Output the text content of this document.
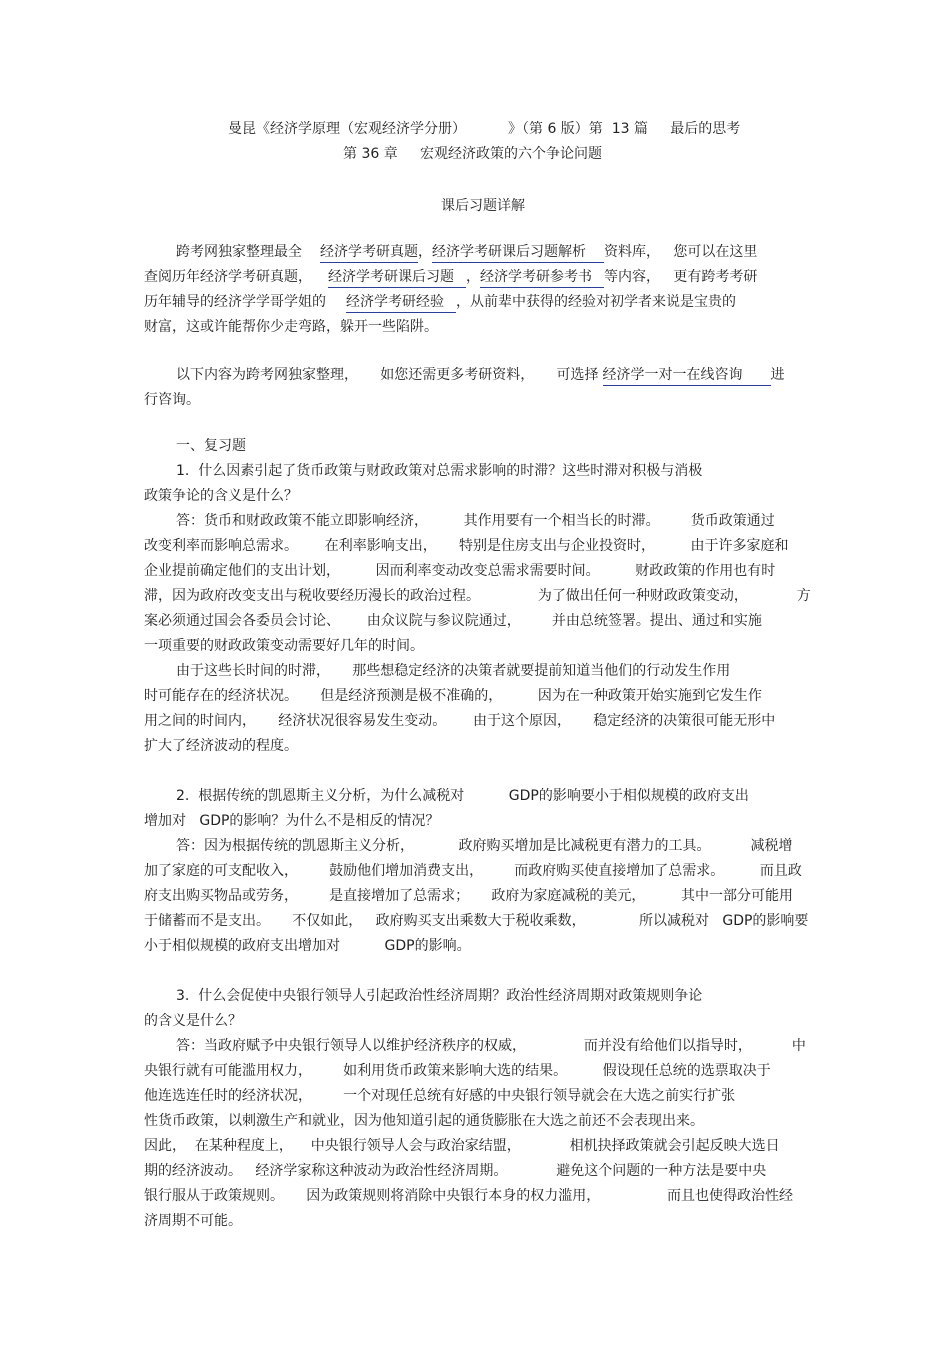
曼昆《经济学原理（宏观经济学分册）	》（第 6 版）第  13 篇     最后的思考
第 36 章     宏观经济政策的六个争论问题
课后习题详解
跨考网独家整理最全 经济学考研真题，经济学考研课后习题解析 资料库，   您可以在这里
查阅历年经济学考研真题， 经济学考研课后习题 ，经济学考研参考书 等内容，   更有跨考考研
历年辅导的经济学学哥学姐的 经济学考研经验 ，从前辈中获得的经验对初学者来说是宝贵的
财富，这或许能帮你少走弯路，躲开一些陷阱。
以下内容为跨考网独家整理，     如您还需更多考研资料，     可选择 经济学一对一在线咨询 进
行咨询。
一、复习题
1.  什么因素引起了货币政策与财政政策对总需求影响的时滞？这些时滞对积极与消极
政策争论的含义是什么？
答：货币和财政政策不能立即影响经济，        其作用要有一个相当长的时滞。       货币政策通过
改变利率而影响总需求。      在利率影响支出，     特别是住房支出与企业投资时，        由于许多家庭和
企业提前确定他们的支出计划，        因而利率变动改变总需求需要时间。        财政政策的作用也有时
滞，因为政府改变支出与税收要经历漫长的政治过程。             为了做出任何一种财政政策变动，           方
案必须通过国会各委员会讨论、      由众议院与参议院通过，       并由总统签署。提出、通过和实施
一项重要的财政政策变动需要好几年的时间。
由于这些长时间的时滞，     那些想稳定经济的决策者就要提前知道当他们的行动发生作用
时可能存在的经济状况。     但是经济预测是极不准确的，        因为在一种政策开始实施到它发生作
用之间的时间内，     经济状况很容易发生变动。      由于这个原因，     稳定经济的决策很可能无形中
扩大了经济波动的程度。
2.  根据传统的凯恩斯主义分析，为什么减税对          GDP的影响要小于相似规模的政府支出
增加对   GDP的影响？为什么不是相反的情况？
答：因为根据传统的凯恩斯主义分析，          政府购买增加是比减税更有潜力的工具。         减税增
加了家庭的可支配收入，       鼓励他们增加消费支出，       而政府购买使直接增加了总需求。        而且政
府支出购买物品或劳务，       是直接增加了总需求；     政府为家庭减税的美元，        其中一部分可能用
于储蓄而不是支出。     不仅如此，   政府购买支出乘数大于税收乘数，            所以减税对   GDP的影响要
小于相似规模的政府支出增加对          GDP的影响。
3.  什么会促使中央银行领导人引起政治性经济周期？政治性经济周期对政策规则争论
的含义是什么？
答：当政府赋予中央银行领导人以维护经济秩序的权威，             而并没有给他们以指导时，         中
央银行就有可能滥用权力，       如利用货币政策来影响大选的结果。        假设现任总统的选票取决于
他连选连任时的经济状况，       一个对现任总统有好感的中央银行领导就会在大选之前实行扩张
性货币政策，以刺激生产和就业，因为他知道引起的通货膨胀在大选之前还不会表现出来。
因此，  在某种程度上，    中央银行领导人会与政治家结盟，           相机抉择政策就会引起反映大选日
期的经济波动。   经济学家称这种波动为政治性经济周期。           避免这个问题的一种方法是要中央
银行服从于政策规则。     因为政策规则将消除中央银行本身的权力滥用，               而且也使得政治性经
济周期不可能。
